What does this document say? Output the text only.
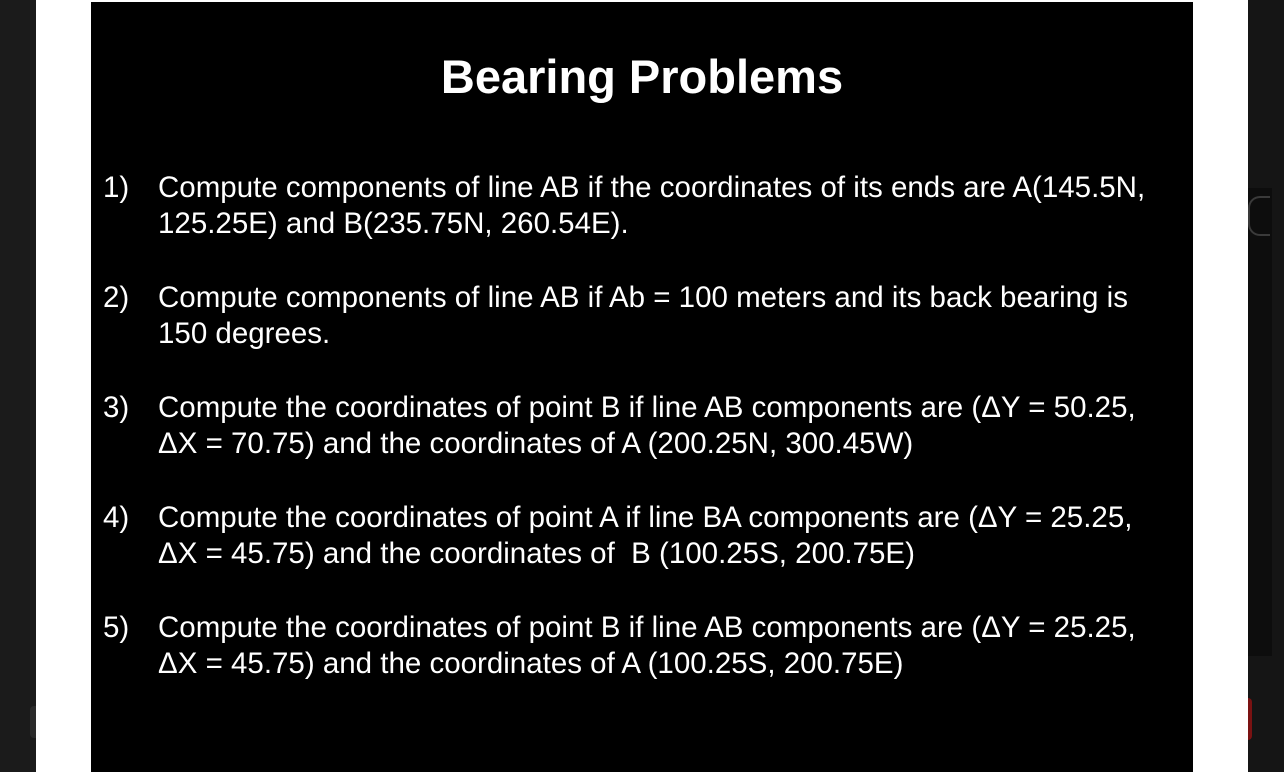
Bearing Problems
1) Compute components of line AB if the coordinates of its ends are A(145.5N,
125.25E) and B(235.75N, 260.54E).
2) Compute components of line AB if Ab = 100 meters and its back bearing is
150 degrees.
3) Compute the coordinates of point B if line AB components are (ΔY = 50.25,
ΔX = 70.75) and the coordinates of A (200.25N, 300.45W)
4) Compute the coordinates of point A if line BA components are (ΔY = 25.25,
ΔX = 45.75) and the coordinates of  B (100.25S, 200.75E)
5) Compute the coordinates of point B if line AB components are (ΔY = 25.25,
ΔX = 45.75) and the coordinates of A (100.25S, 200.75E)
